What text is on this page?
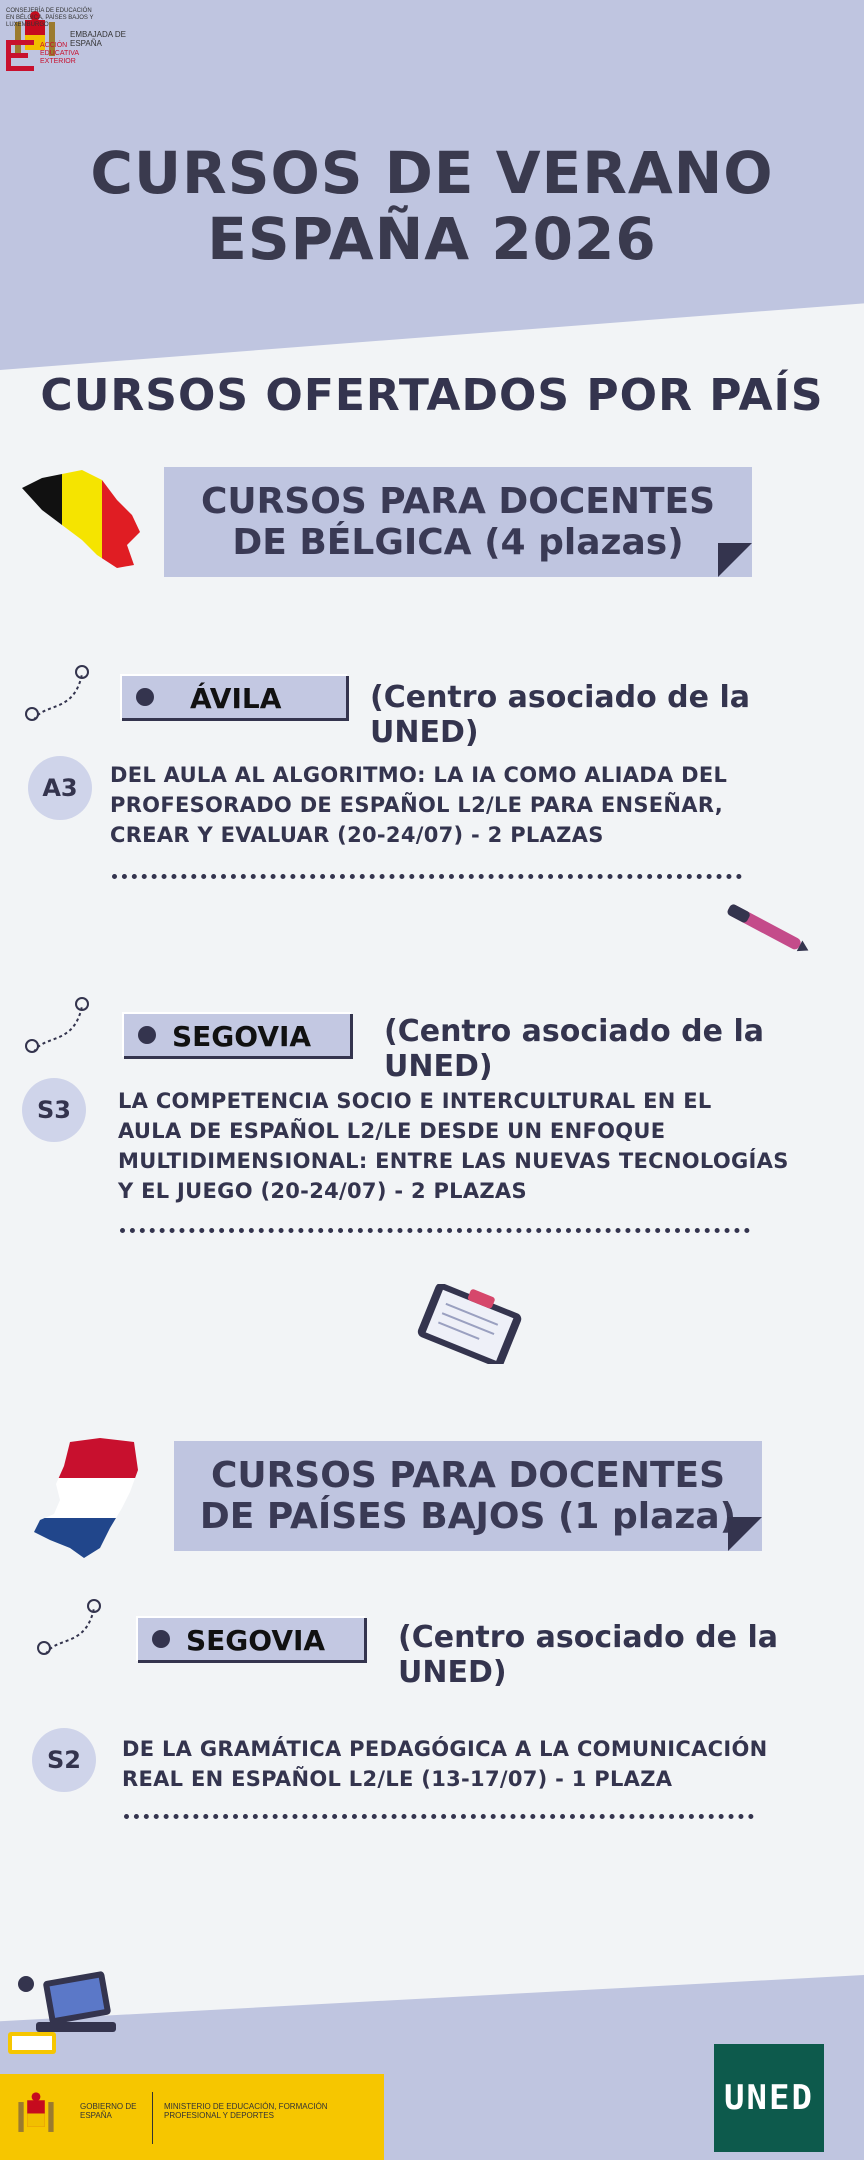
EMBAJADA DE ESPAÑA
CONSEJERÍA DE EDUCACIÓN EN BÉLGICA, PAÍSES BAJOS Y LUXEMBURGO
ACCIÓN EDUCATIVA EXTERIOR
CURSOS DE VERANO
ESPAÑA 2026
CURSOS OFERTADOS POR PAÍS
CURSOS PARA DOCENTES
DE BÉLGICA (4 plazas)
ÁVILA	(Centro asociado de la UNED)
A3	DEL AULA AL ALGORITMO: LA IA COMO ALIADA DEL
PROFESORADO DE ESPAÑOL L2/LE PARA ENSEÑAR,
CREAR Y EVALUAR (20-24/07) - 2 PLAZAS
SEGOVIA (Centro asociado de la UNED)
S3	LA COMPETENCIA SOCIO E INTERCULTURAL EN EL
AULA DE ESPAÑOL L2/LE DESDE UN ENFOQUE
MULTIDIMENSIONAL: ENTRE LAS NUEVAS TECNOLOGÍAS
Y EL JUEGO (20-24/07) - 2 PLAZAS
CURSOS PARA DOCENTES
DE PAÍSES BAJOS (1 plaza)
SEGOVIA (Centro asociado de la UNED)
S2	DE LA GRAMÁTICA PEDAGÓGICA A LA COMUNICACIÓN
REAL EN ESPAÑOL L2/LE (13-17/07) - 1 PLAZA
GOBIERNO DE ESPAÑA
MINISTERIO DE EDUCACIÓN, FORMACIÓN PROFESIONAL Y DEPORTES	UNED
